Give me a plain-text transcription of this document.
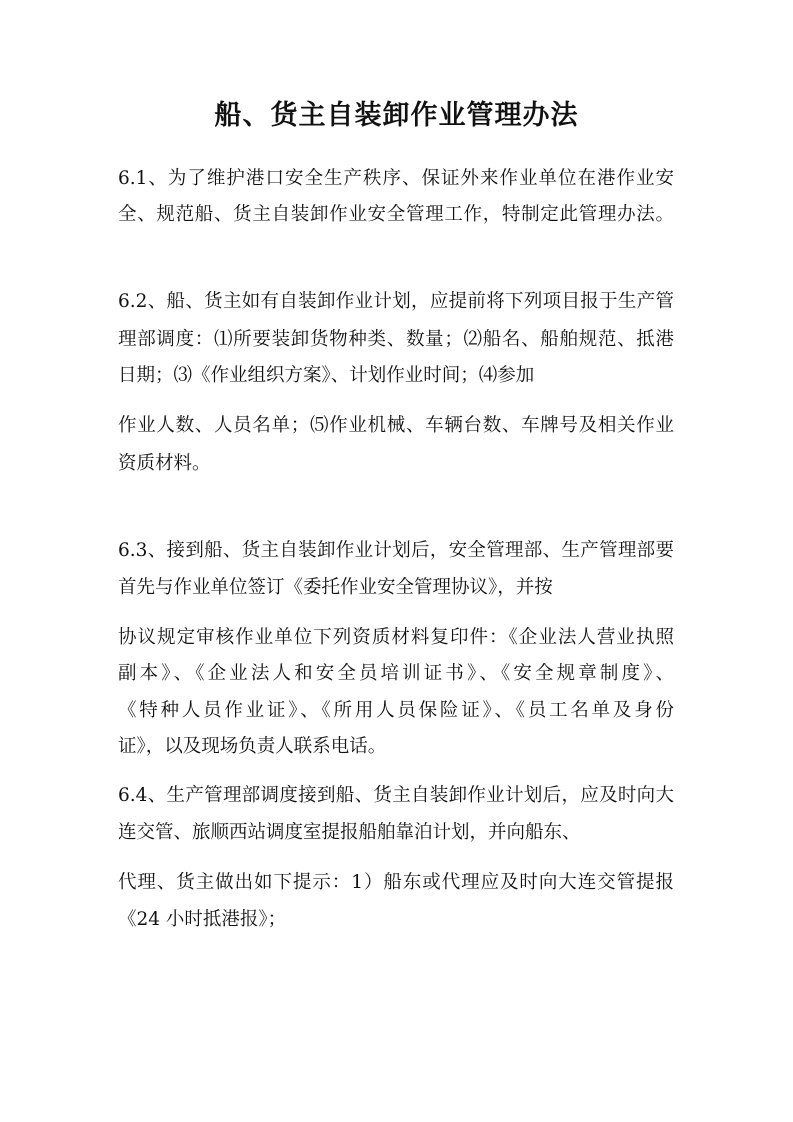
船、货主自装卸作业管理办法
6.1、为了维护港口安全生产秩序、保证外来作业单位在港作业安
全、规范船、货主自装卸作业安全管理工作，特制定此管理办法。
6.2、船、货主如有自装卸作业计划，应提前将下列项目报于生产管
理部调度：⑴所要装卸货物种类、数量；⑵船名、船舶规范、抵港
日期；⑶《作业组织方案》、计划作业时间；⑷参加
作业人数、人员名单；⑸作业机械、车辆台数、车牌号及相关作业
资质材料。
6.3、接到船、货主自装卸作业计划后，安全管理部、生产管理部要
首先与作业单位签订《委托作业安全管理协议》，并按
协议规定审核作业单位下列资质材料复印件：《企业法人营业执照
副本》、《企业法人和安全员培训证书》、《安全规章制度》、
《特种人员作业证》、《所用人员保险证》、《员工名单及身份
证》，以及现场负责人联系电话。
6.4、生产管理部调度接到船、货主自装卸作业计划后，应及时向大
连交管、旅顺西站调度室提报船舶靠泊计划，并向船东、
代理、货主做出如下提示：1）船东或代理应及时向大连交管提报
《24 小时抵港报》；
